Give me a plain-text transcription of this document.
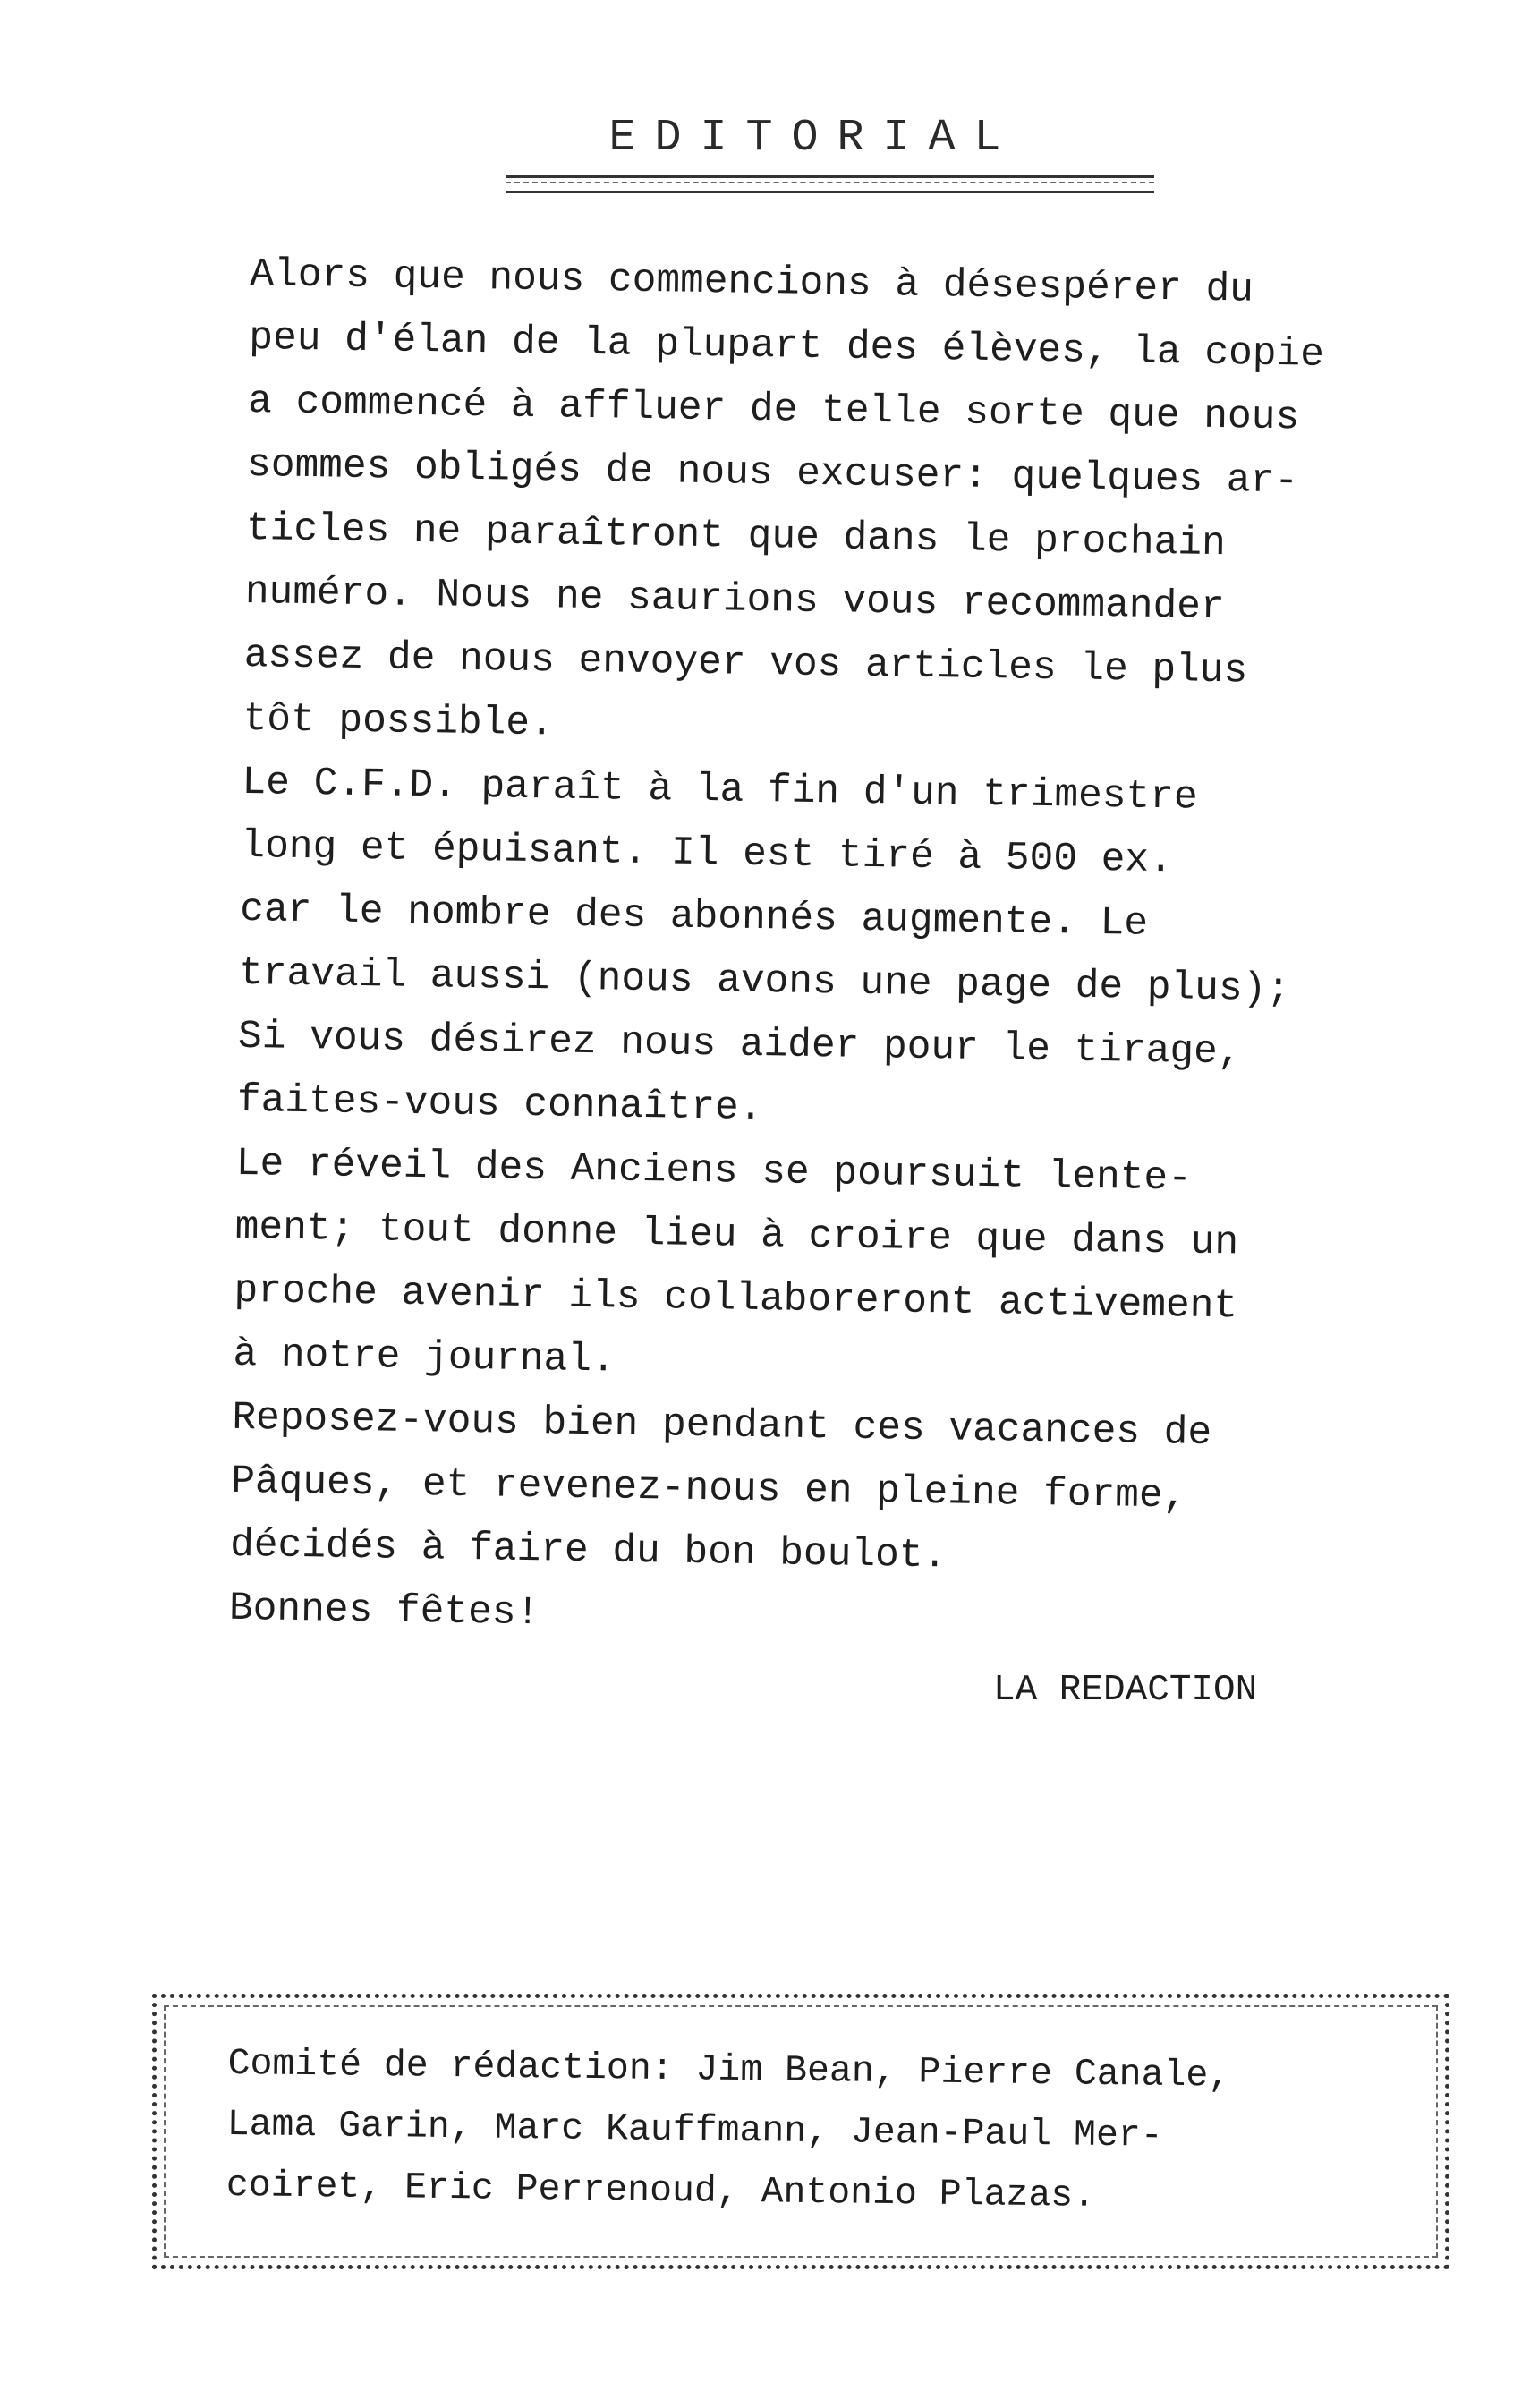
EDITORIAL
Alors que nous commencions à désespérer du
peu d'élan de la plupart des élèves, la copie
a commencé à affluer de telle sorte que nous
sommes obligés de nous excuser: quelques ar-
ticles ne paraîtront que dans le prochain
numéro. Nous ne saurions vous recommander
assez de nous envoyer vos articles le plus
tôt possible.
Le C.F.D. paraît à la fin d'un trimestre
long et épuisant. Il est tiré à 500 ex.
car le nombre des abonnés augmente. Le
travail aussi (nous avons une page de plus);
Si vous désirez nous aider pour le tirage,
faites-vous connaître.
Le réveil des Anciens se poursuit lente-
ment; tout donne lieu à croire que dans un
proche avenir ils collaboreront activement
à notre journal.
Reposez-vous bien pendant ces vacances de
Pâques, et revenez-nous en pleine forme,
décidés à faire du bon boulot.
Bonnes fêtes!
LA REDACTION
Comité de rédaction: Jim Bean, Pierre Canale,
Lama Garin, Marc Kauffmann, Jean-Paul Mer-
coiret, Eric Perrenoud, Antonio Plazas.
